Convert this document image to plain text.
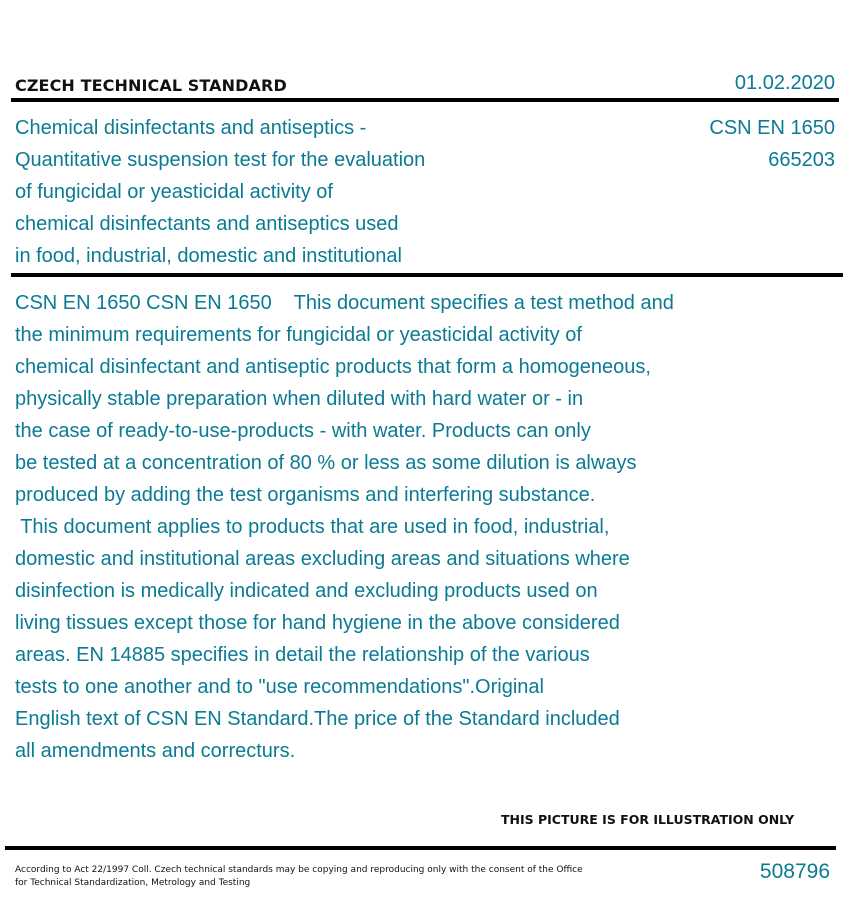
CZECH TECHNICAL STANDARD	01.02.2020
Chemical disinfectants and antiseptics -
Quantitative suspension test for the evaluation
of fungicidal or yeasticidal activity of
chemical disinfectants and antiseptics used
in food, industrial, domestic and institutional
CSN EN 1650
665203
CSN EN 1650 CSN EN 1650    This document specifies a test method and
the minimum requirements for fungicidal or yeasticidal activity of
chemical disinfectant and antiseptic products that form a homogeneous,
physically stable preparation when diluted with hard water or - in
the case of ready-to-use-products - with water. Products can only
be tested at a concentration of 80 % or less as some dilution is always
produced by adding the test organisms and interfering substance.
This document applies to products that are used in food, industrial,
domestic and institutional areas excluding areas and situations where
disinfection is medically indicated and excluding products used on
living tissues except those for hand hygiene in the above considered
areas. EN 14885 specifies in detail the relationship of the various
tests to one another and to "use recommendations".Original
English text of CSN EN Standard.The price of the Standard included
all amendments and correcturs.
THIS PICTURE IS FOR ILLUSTRATION ONLY
According to Act 22/1997 Coll. Czech technical standards may be copying and reproducing only with the consent of the Office
for Technical Standardization, Metrology and Testing	508796
